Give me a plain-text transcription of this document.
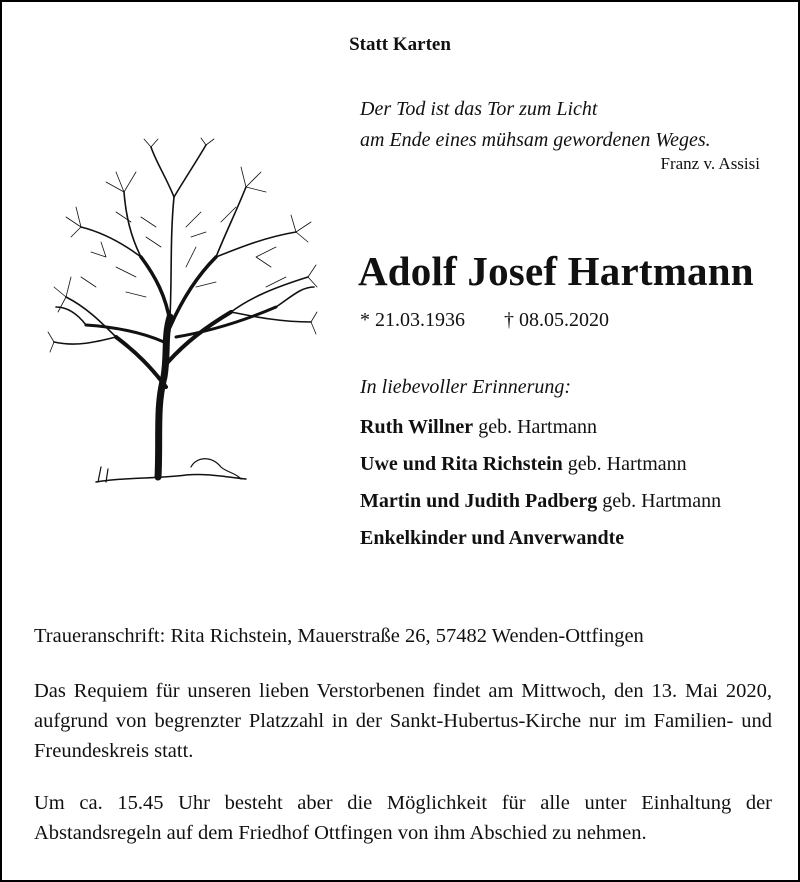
Statt Karten
Der Tod ist das Tor zum Licht
am Ende eines mühsam gewordenen Weges.
Franz v. Assisi
Adolf Josef Hartmann
* 21.03.1936 † 08.05.2020
In liebevoller Erinnerung:
Ruth Willner geb. Hartmann
Uwe und Rita Richstein geb. Hartmann
Martin und Judith Padberg geb. Hartmann
Enkelkinder und Anverwandte
Traueranschrift: Rita Richstein, Mauerstraße 26, 57482 Wenden-Ottfingen

Das Requiem für unseren lieben Verstorbenen findet am Mittwoch, den 13. Mai 2020, aufgrund von begrenzter Platzzahl in der Sankt-Hubertus-Kirche nur im Familien- und Freundeskreis statt.

Um ca. 15.45 Uhr besteht aber die Möglichkeit für alle unter Einhaltung der Abstandsregeln auf dem Friedhof Ottfingen von ihm Abschied zu nehmen.
